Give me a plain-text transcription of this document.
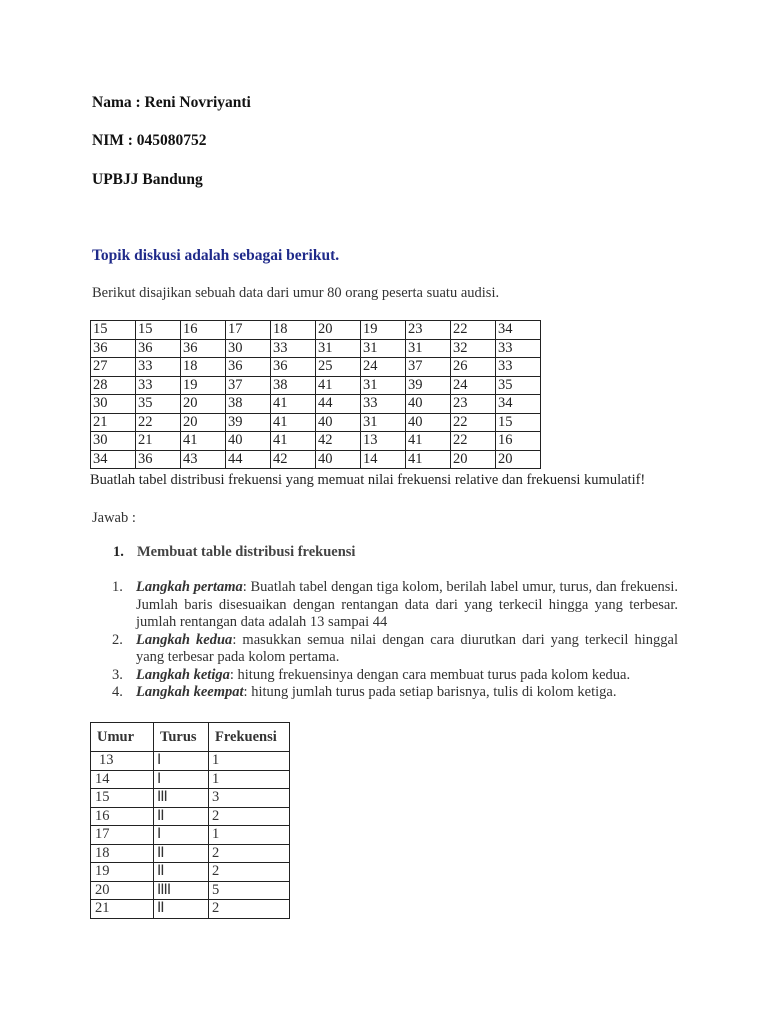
Nama : Reni Novriyanti
NIM : 045080752
UPBJJ Bandung
Topik diskusi adalah sebagai berikut.
Berikut disajikan sebuah data dari umur 80 orang peserta suatu audisi.
15	15	16	17	18	20	19	23	22	34
36	36	36	30	33	31	31	31	32	33
27	33	18	36	36	25	24	37	26	33
28	33	19	37	38	41	31	39	24	35
30	35	20	38	41	44	33	40	23	34
21	22	20	39	41	40	31	40	22	15
30	21	41	40	41	42	13	41	22	16
34	36	43	44	42	40	14	41	20	20
Buatlah tabel distribusi frekuensi yang memuat nilai frekuensi relative dan frekuensi kumulatif!
Jawab :
1. Membuat table distribusi frekuensi
1. Langkah pertama: Buatlah tabel dengan tiga kolom, berilah label umur, turus, dan frekuensi. Jumlah baris disesuaikan dengan rentangan data dari yang terkecil hingga yang terbesar. jumlah rentangan data adalah 13 sampai 44
2. Langkah kedua: masukkan semua nilai dengan cara diurutkan dari yang terkecil hinggal yang terbesar pada kolom pertama.
3. Langkah ketiga: hitung frekuensinya dengan cara membuat turus pada kolom kedua.
4. Langkah keempat: hitung jumlah turus pada setiap barisnya, tulis di kolom ketiga.
Umur	Turus	Frekuensi
13	I	1
14	I	1
15	III	3
16	II	2
17	I	1
18	II	2
19	II	2
20	IIII	5
21	II	2
